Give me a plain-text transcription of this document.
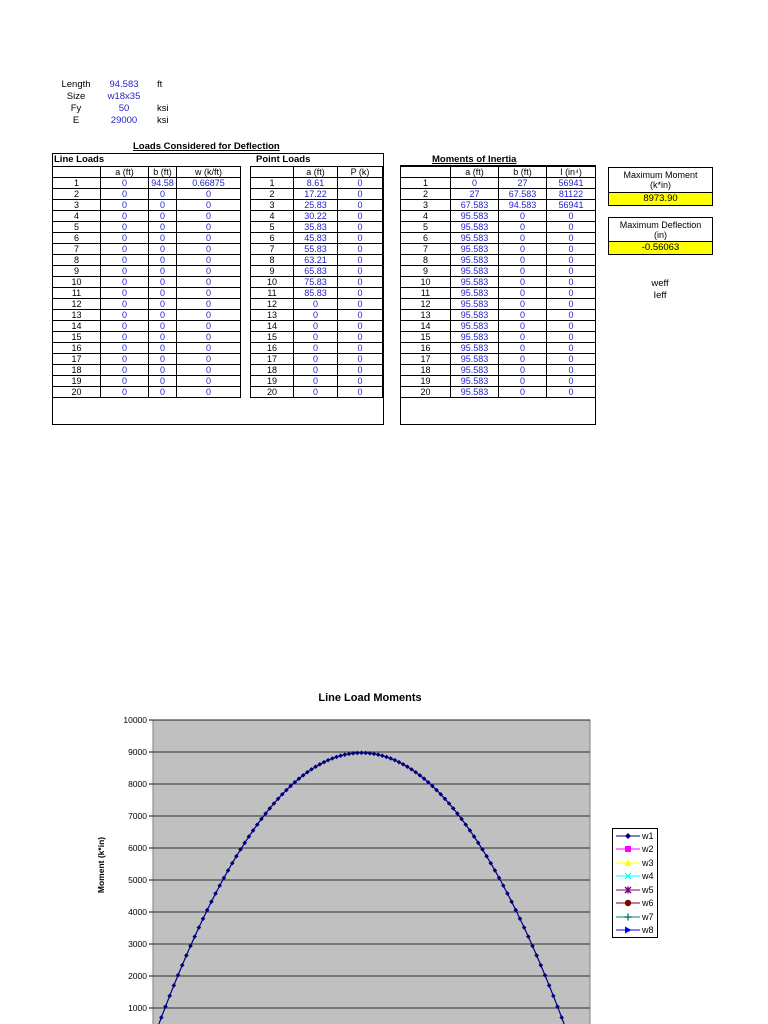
Length	94.583	ft
Size	w18x35
Fy	50	ksi
E	29000	ksi
Loads Considered for Deflection
Line Loads	Point Loads
	a (ft)	b (ft)	w (k/ft)
1	0	94.58	0.66875
2	0	0	0
3	0	0	0
4	0	0	0
5	0	0	0
6	0	0	0
7	0	0	0
8	0	0	0
9	0	0	0
10	0	0	0
11	0	0	0
12	0	0	0
13	0	0	0
14	0	0	0
15	0	0	0
16	0	0	0
17	0	0	0
18	0	0	0
19	0	0	0
20	0	0	0
	a (ft)	P (k)
1	8.61	0
2	17.22	0
3	25.83	0
4	30.22	0
5	35.83	0
6	45.83	0
7	55.83	0
8	63.21	0
9	65.83	0
10	75.83	0
11	85.83	0
12	0	0
13	0	0
14	0	0
15	0	0
16	0	0
17	0	0
18	0	0
19	0	0
20	0	0
Moments of Inertia
	a (ft)	b (ft)	I (in⁴)
1	0	27	56941
2	27	67.583	81122
3	67.583	94.583	56941
4	95.583	0	0
5	95.583	0	0
6	95.583	0	0
7	95.583	0	0
8	95.583	0	0
9	95.583	0	0
10	95.583	0	0
11	95.583	0	0
12	95.583	0	0
13	95.583	0	0
14	95.583	0	0
15	95.583	0	0
16	95.583	0	0
17	95.583	0	0
18	95.583	0	0
19	95.583	0	0
20	95.583	0	0
Maximum Moment
(k*in)
8973.90
Maximum Deflection
(in)
-0.56063
weff
Ieff
Line Load Moments
Moment (k*in)
1000
2000
3000
4000
5000
6000
7000
8000
9000
10000
w1
w2
w3
w4
w5
w6
w7
w8
